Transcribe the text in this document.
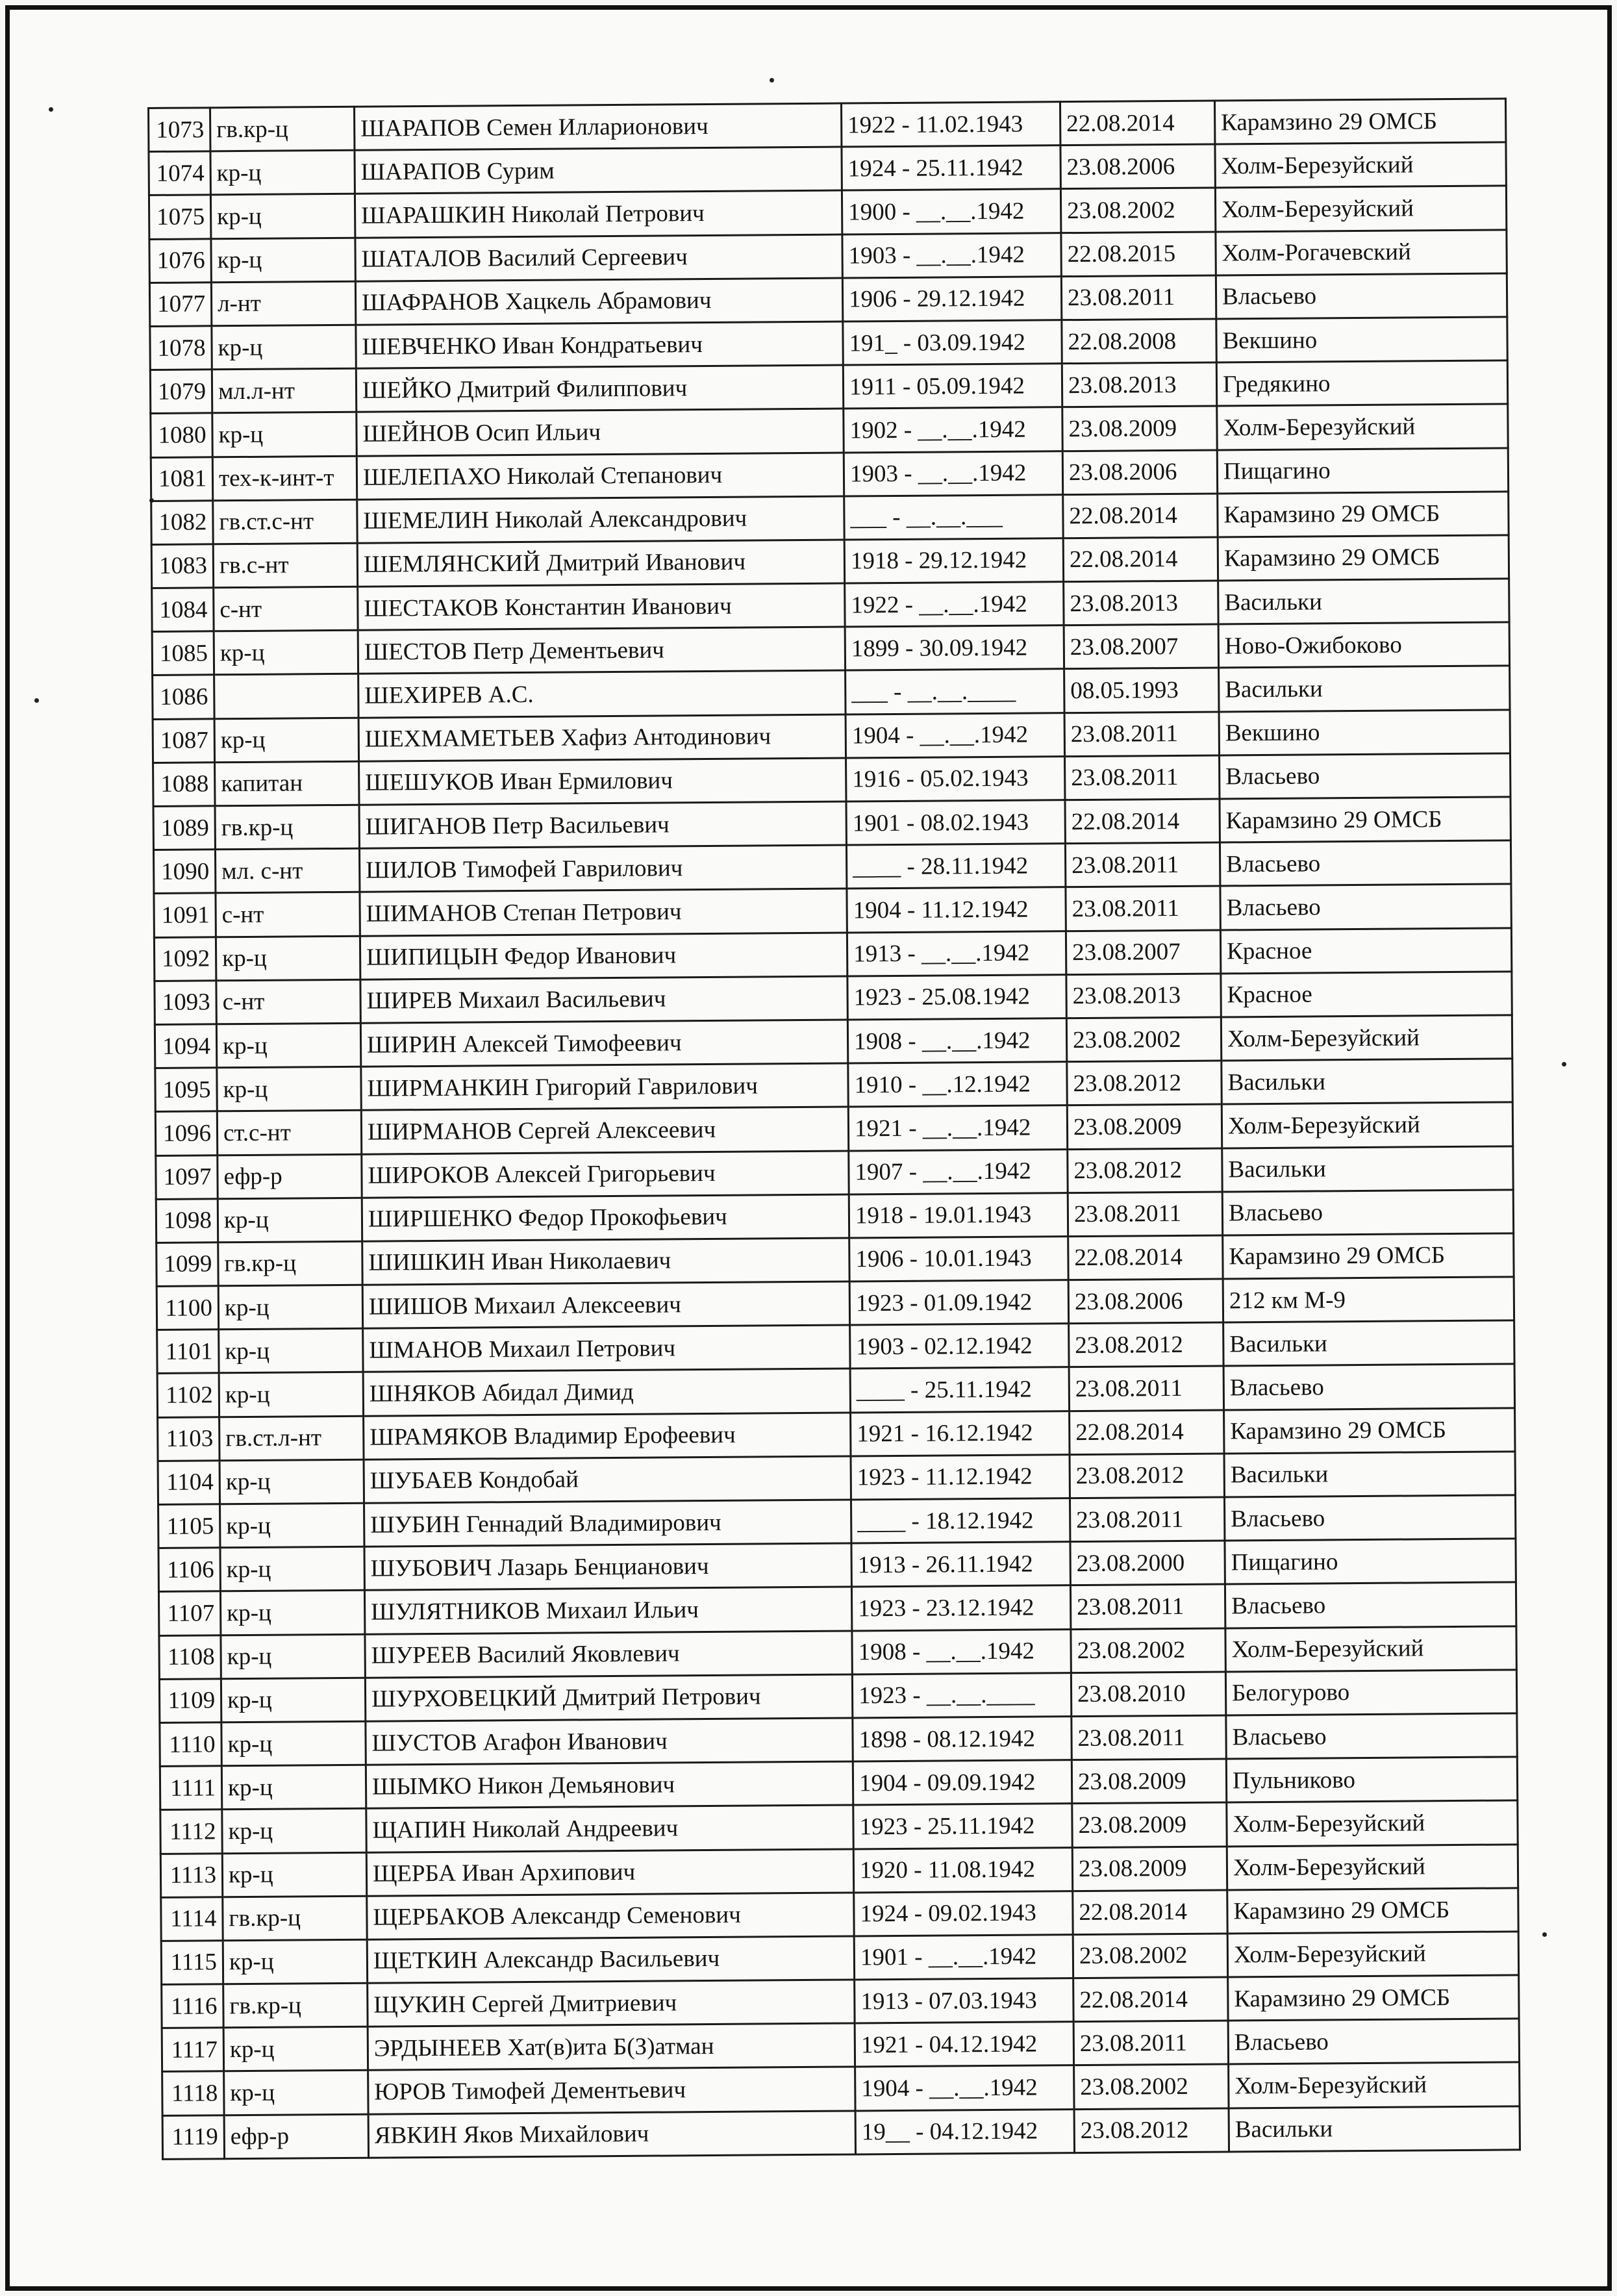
1073	гв.кр-ц	ШАРАПОВ Семен Илларионович	1922 - 11.02.1943	22.08.2014	Карамзино 29 ОМСБ
1074	кр-ц	ШАРАПОВ Сурим	1924 - 25.11.1942	23.08.2006	Холм-Березуйский
1075	кр-ц	ШАРАШКИН Николай Петрович	1900 - __.__.1942	23.08.2002	Холм-Березуйский
1076	кр-ц	ШАТАЛОВ Василий Сергеевич	1903 - __.__.1942	22.08.2015	Холм-Рогачевский
1077	л-нт	ШАФРАНОВ Хацкель Абрамович	1906 - 29.12.1942	23.08.2011	Власьево
1078	кр-ц	ШЕВЧЕНКО Иван Кондратьевич	191_ - 03.09.1942	22.08.2008	Векшино
1079	мл.л-нт	ШЕЙКО Дмитрий Филиппович	1911 - 05.09.1942	23.08.2013	Гредякино
1080	кр-ц	ШЕЙНОВ Осип Ильич	1902 - __.__.1942	23.08.2009	Холм-Березуйский
1081	тех-к-инт-т	ШЕЛЕПАХО Николай Степанович	1903 - __.__.1942	23.08.2006	Пищагино
1082	гв.ст.с-нт	ШЕМЕЛИН Николай Александрович	___ - __.__.___	22.08.2014	Карамзино 29 ОМСБ
1083	гв.с-нт	ШЕМЛЯНСКИЙ Дмитрий Иванович	1918 - 29.12.1942	22.08.2014	Карамзино 29 ОМСБ
1084	с-нт	ШЕСТАКОВ Константин Иванович	1922 - __.__.1942	23.08.2013	Васильки
1085	кр-ц	ШЕСТОВ Петр Дементьевич	1899 - 30.09.1942	23.08.2007	Ново-Ожибоково
1086		ШЕХИРЕВ А.С.	___ - __.__.____	08.05.1993	Васильки
1087	кр-ц	ШЕХМАМЕТЬЕВ Хафиз Антодинович	1904 - __.__.1942	23.08.2011	Векшино
1088	капитан	ШЕШУКОВ Иван Ермилович	1916 - 05.02.1943	23.08.2011	Власьево
1089	гв.кр-ц	ШИГАНОВ Петр Васильевич	1901 - 08.02.1943	22.08.2014	Карамзино 29 ОМСБ
1090	мл. с-нт	ШИЛОВ Тимофей Гаврилович	____ - 28.11.1942	23.08.2011	Власьево
1091	с-нт	ШИМАНОВ Степан Петрович	1904 - 11.12.1942	23.08.2011	Власьево
1092	кр-ц	ШИПИЦЫН Федор Иванович	1913 - __.__.1942	23.08.2007	Красное
1093	с-нт	ШИРЕВ Михаил Васильевич	1923 - 25.08.1942	23.08.2013	Красное
1094	кр-ц	ШИРИН Алексей Тимофеевич	1908 - __.__.1942	23.08.2002	Холм-Березуйский
1095	кр-ц	ШИРМАНКИН Григорий Гаврилович	1910 - __.12.1942	23.08.2012	Васильки
1096	ст.с-нт	ШИРМАНОВ Сергей Алексеевич	1921 - __.__.1942	23.08.2009	Холм-Березуйский
1097	ефр-р	ШИРОКОВ Алексей Григорьевич	1907 - __.__.1942	23.08.2012	Васильки
1098	кр-ц	ШИРШЕНКО Федор Прокофьевич	1918 - 19.01.1943	23.08.2011	Власьево
1099	гв.кр-ц	ШИШКИН Иван Николаевич	1906 - 10.01.1943	22.08.2014	Карамзино 29 ОМСБ
1100	кр-ц	ШИШОВ Михаил Алексеевич	1923 - 01.09.1942	23.08.2006	212 км М-9
1101	кр-ц	ШМАНОВ Михаил Петрович	1903 - 02.12.1942	23.08.2012	Васильки
1102	кр-ц	ШНЯКОВ Абидал Димид	____ - 25.11.1942	23.08.2011	Власьево
1103	гв.ст.л-нт	ШРАМЯКОВ Владимир Ерофеевич	1921 - 16.12.1942	22.08.2014	Карамзино 29 ОМСБ
1104	кр-ц	ШУБАЕВ Кондобай	1923 - 11.12.1942	23.08.2012	Васильки
1105	кр-ц	ШУБИН Геннадий Владимирович	____ - 18.12.1942	23.08.2011	Власьево
1106	кр-ц	ШУБОВИЧ Лазарь Бенцианович	1913 - 26.11.1942	23.08.2000	Пищагино
1107	кр-ц	ШУЛЯТНИКОВ Михаил Ильич	1923 - 23.12.1942	23.08.2011	Власьево
1108	кр-ц	ШУРЕЕВ Василий Яковлевич	1908 - __.__.1942	23.08.2002	Холм-Березуйский
1109	кр-ц	ШУРХОВЕЦКИЙ Дмитрий Петрович	1923 - __.__.____	23.08.2010	Белогурово
1110	кр-ц	ШУСТОВ Агафон Иванович	1898 - 08.12.1942	23.08.2011	Власьево
1111	кр-ц	ШЫМКО Никон Демьянович	1904 - 09.09.1942	23.08.2009	Пульниково
1112	кр-ц	ЩАПИН Николай Андреевич	1923 - 25.11.1942	23.08.2009	Холм-Березуйский
1113	кр-ц	ЩЕРБА Иван Архипович	1920 - 11.08.1942	23.08.2009	Холм-Березуйский
1114	гв.кр-ц	ЩЕРБАКОВ Александр Семенович	1924 - 09.02.1943	22.08.2014	Карамзино 29 ОМСБ
1115	кр-ц	ЩЕТКИН Александр Васильевич	1901 - __.__.1942	23.08.2002	Холм-Березуйский
1116	гв.кр-ц	ЩУКИН Сергей Дмитриевич	1913 - 07.03.1943	22.08.2014	Карамзино 29 ОМСБ
1117	кр-ц	ЭРДЫНЕЕВ Хат(в)ита Б(З)атман	1921 - 04.12.1942	23.08.2011	Власьево
1118	кр-ц	ЮРОВ Тимофей Дементьевич	1904 - __.__.1942	23.08.2002	Холм-Березуйский
1119	ефр-р	ЯВКИН Яков Михайлович	19__ - 04.12.1942	23.08.2012	Васильки
